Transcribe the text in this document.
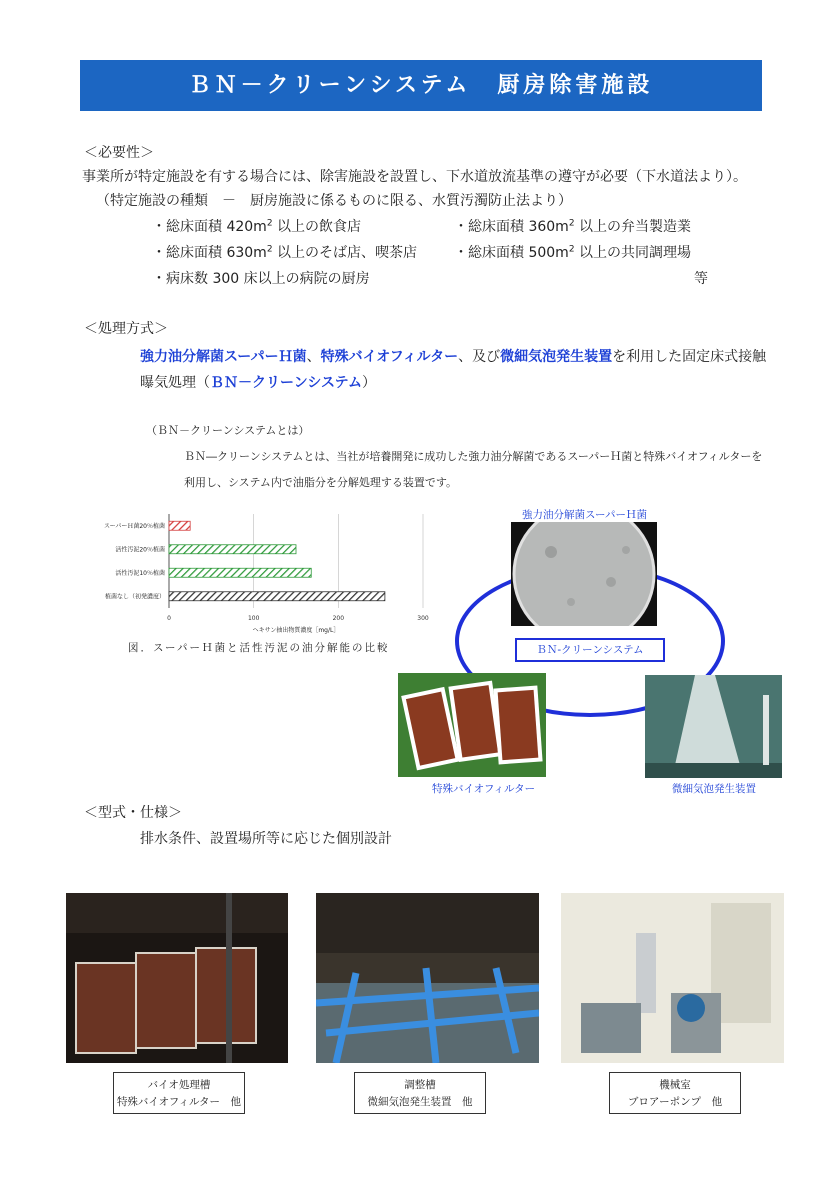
ＢＮ－クリーンシステム　厨房除害施設
＜必要性＞
事業所が特定施設を有する場合には、除害施設を設置し、下水道放流基準の遵守が必要（下水道法より）。
（特定施設の種類　－　厨房施設に係るものに限る、水質汚濁防止法より）
・総床面積 $420m^2$ 以上の飲食店	・総床面積 $360m^2$ 以上の弁当製造業
・総床面積 $630m^2$ 以上のそば店、喫茶店	・総床面積 $500m^2$ 以上の共同調理場
・病床数 300 床以上の病院の厨房	等
＜処理方式＞
強力油分解菌スーパーＨ菌、特殊バイオフィルター、及び微細気泡発生装置を利用した固定床式接触
曝気処理（ＢＮ－クリーンシステム）
（ＢＮ－クリーンシステムとは）
ＢＮ―クリーンシステムとは、当社が培養開発に成功した強力油分解菌であるスーパーＨ菌と特殊バイオフィルターを
利用し、システム内で油脂分を分解処理する装置です。
0	100	200	300
スーパーＨ菌20％植菌
活性汚泥20％植菌
活性汚泥10％植菌
植菌なし（初発濃度）
ヘキサン抽出物質濃度［mg/L］
図．スーパーＨ菌と活性汚泥の油分解能の比較
強力油分解菌スーパーＨ菌
ＢＮ-クリーンシステム
特殊バイオフィルター	微細気泡発生装置
＜型式・仕様＞
排水条件、設置場所等に応じた個別設計
バイオ処理槽
特殊バイオフィルター　他
調整槽
微細気泡発生装置　他
機械室
ブロアーポンプ　他
